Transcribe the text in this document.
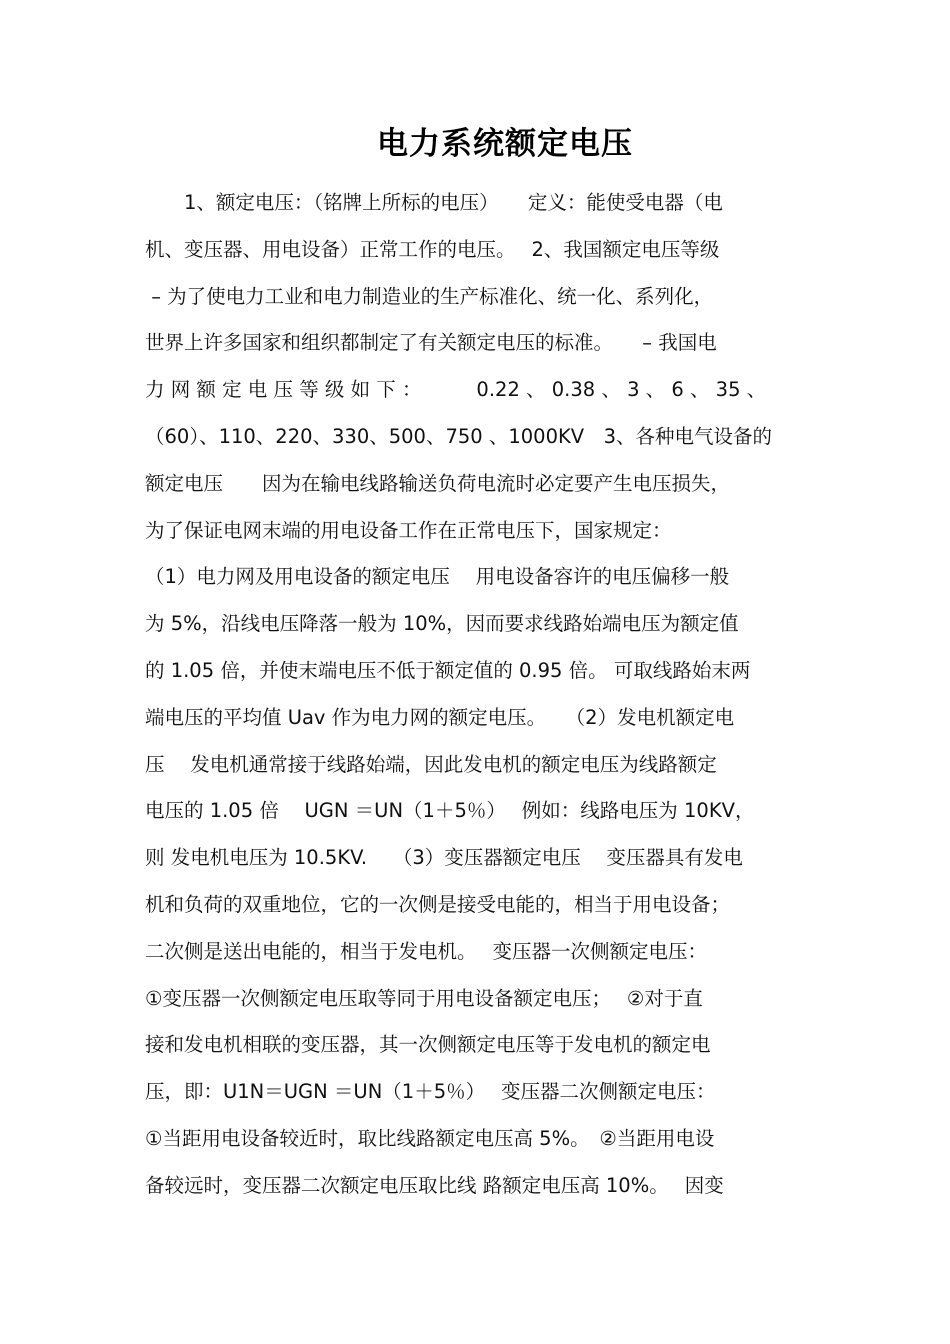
电力系统额定电压
　　1、额定电压：（铭牌上所标的电压）　　定义：能使受电器（电
机、变压器、用电设备）正常工作的电压。　 2、我国额定电压等级
– 为了使电力工业和电力制造业的生产标准化、统一化、系列化，
世界上许多国家和组织都制定了有关额定电压的标准。　　– 我国电
力 网 额 定 电 压 等 级 如 下 ：　　　 0.22 、 0.38 、 3 、 6 、 35 、
（60）、110、220、330、500、750 、1000KV　3、各种电气设备的
额定电压　　因为在输电线路输送负荷电流时必定要产生电压损失，
为了保证电网末端的用电设备工作在正常电压下，国家规定：
（1）电力网及用电设备的额定电压　 用电设备容许的电压偏移一般
为 5%，沿线电压降落一般为 10%，因而要求线路始端电压为额定值
的 1.05 倍，并使末端电压不低于额定值的 0.95 倍。 可取线路始末两
端电压的平均值 Uav 作为电力网的额定电压。　　（2）发电机额定电
压　 发电机通常接于线路始端，因此发电机的额定电压为线路额定
电压的 1.05 倍　 UGN ＝UN（1＋5％）　 例如：线路电压为 10KV，
则 发电机电压为 10.5KV.　 （3）变压器额定电压　 变压器具有发电
机和负荷的双重地位，它的一次侧是接受电能的，相当于用电设备；
二次侧是送出电能的，相当于发电机。　 变压器一次侧额定电压：
①变压器一次侧额定电压取等同于用电设备额定电压；　 ②对于直
接和发电机相联的变压器，其一次侧额定电压等于发电机的额定电
压，即：U1N＝UGN ＝UN（1＋5％）　 变压器二次侧额定电压：
①当距用电设备较近时，取比线路额定电压高 5%。　②当距用电设
备较远时，变压器二次额定电压取比线 路额定电压高 10%。　 因变
